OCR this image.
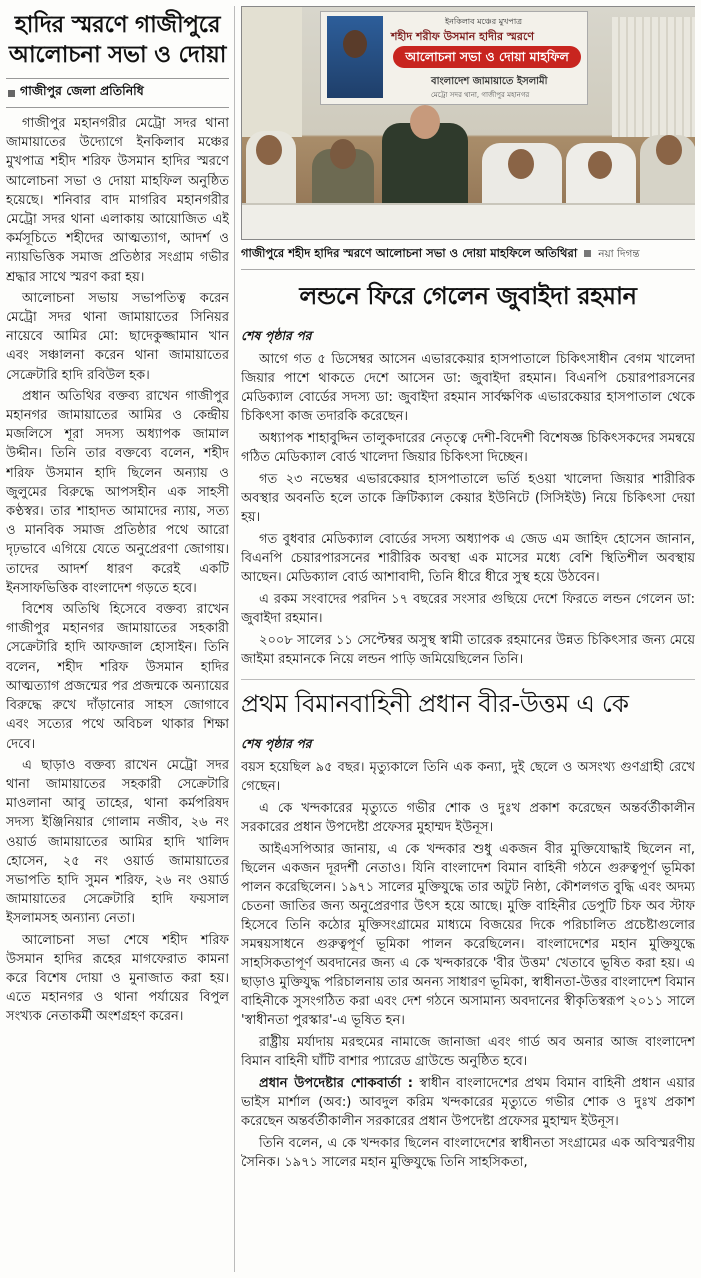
হাদির স্মরণে গাজীপুরে আলোচনা সভা ও দোয়া
গাজীপুর জেলা প্রতিনিধি

গাজীপুর মহানগরীর মেট্রো সদর থানা জামায়াতের উদ্যোগে ইনকিলাব মঞ্চের মুখপাত্র শহীদ শরিফ উসমান হাদির স্মরণে আলোচনা সভা ও দোয়া মাহফিল অনুষ্ঠিত হয়েছে। শনিবার বাদ মাগরিব মহানগরীর মেট্রো সদর থানা এলাকায় আয়োজিত এই কর্মসূচিতে শহীদের আত্মত্যাগ, আদর্শ ও ন্যায়ভিত্তিক সমাজ প্রতিষ্ঠার সংগ্রাম গভীর শ্রদ্ধার সাথে স্মরণ করা হয়।

আলোচনা সভায় সভাপতিত্ব করেন মেট্রো সদর থানা জামায়াতের সিনিয়র নায়েবে আমির মো: ছাদেকুজ্জামান খান এবং সঞ্চালনা করেন থানা জামায়াতের সেক্রেটারি হাদি রবিউল হক।

প্রধান অতিথির বক্তব্য রাখেন গাজীপুর মহানগর জামায়াতের আমির ও কেন্দ্রীয় মজলিসে শূরা সদস্য অধ্যাপক জামাল উদ্দীন। তিনি তার বক্তব্যে বলেন, শহীদ শরিফ উসমান হাদি ছিলেন অন্যায় ও জুলুমের বিরুদ্ধে আপসহীন এক সাহসী কণ্ঠস্বর। তার শাহাদত আমাদের ন্যায়, সত্য ও মানবিক সমাজ প্রতিষ্ঠার পথে আরো দৃঢ়ভাবে এগিয়ে যেতে অনুপ্রেরণা জোগায়। তাদের আদর্শ ধারণ করেই একটি ইনসাফভিত্তিক বাংলাদেশ গড়তে হবে।

বিশেষ অতিথি হিসেবে বক্তব্য রাখেন গাজীপুর মহানগর জামায়াতের সহকারী সেক্রেটারি হাদি আফজাল হোসাইন। তিনি বলেন, শহীদ শরিফ উসমান হাদির আত্মত্যাগ প্রজন্মের পর প্রজন্মকে অন্যায়ের বিরুদ্ধে রুখে দাঁড়ানোর সাহস জোগাবে এবং সত্যের পথে অবিচল থাকার শিক্ষা দেবে।

এ ছাড়াও বক্তব্য রাখেন মেট্রো সদর থানা জামায়াতের সহকারী সেক্রেটারি মাওলানা আবু তাহের, থানা কর্মপরিষদ সদস্য ইঞ্জিনিয়ার গোলাম নজীব, ২৬ নং ওয়ার্ড জামায়াতের আমির হাদি খালিদ হোসেন, ২৫ নং ওয়ার্ড জামায়াতের সভাপতি হাদি সুমন শরিফ, ২৬ নং ওয়ার্ড জামায়াতের সেক্রেটারি হাদি ফয়সাল ইসলামসহ অন্যান্য নেতা।

আলোচনা সভা শেষে শহীদ শরিফ উসমান হাদির রূহের মাগফেরাত কামনা করে বিশেষ দোয়া ও মুনাজাত করা হয়। এতে মহানগর ও থানা পর্যায়ের বিপুল সংখ্যক নেতাকর্মী অংশগ্রহণ করেন।

ইনকিলাব মঞ্চের মুখপাত্র
শহীদ শরীফ উসমান হাদীর স্মরণে
আলোচনা সভা ও দোয়া মাহফিল
বাংলাদেশ জামায়াতে ইসলামী
মেট্রো সদর থানা, গাজীপুর মহানগর
গাজীপুরে শহীদ হাদির স্মরণে আলোচনা সভা ও দোয়া মাহফিলে অতিথিরা নয়া দিগন্ত
লন্ডনে ফিরে গেলেন জুবাইদা রহমান
শেষ পৃষ্ঠার পর

আগে গত ৫ ডিসেম্বর আসেন এভারকেয়ার হাসপাতালে চিকিৎসাধীন বেগম খালেদা জিয়ার পাশে থাকতে দেশে আসেন ডা: জুবাইদা রহমান। বিএনপি চেয়ারপারসনের মেডিক্যাল বোর্ডের সদস্য ডা: জুবাইদা রহমান সার্বক্ষণিক এভারকেয়ার হাসপাতাল থেকে চিকিৎসা কাজ তদারকি করেছেন।

অধ্যাপক শাহাবুদ্দিন তালুকদারের নেতৃত্বে দেশী-বিদেশী বিশেষজ্ঞ চিকিৎসকদের সমন্বয়ে গঠিত মেডিক্যাল বোর্ড খালেদা জিয়ার চিকিৎসা দিচ্ছেন।

গত ২৩ নভেম্বর এভারকেয়ার হাসপাতালে ভর্তি হওয়া খালেদা জিয়ার শারীরিক অবস্থার অবনতি হলে তাকে ক্রিটিক্যাল কেয়ার ইউনিটে (সিসিইউ) নিয়ে চিকিৎসা দেয়া হয়।

গত বুধবার মেডিক্যাল বোর্ডের সদস্য অধ্যাপক এ জেড এম জাহিদ হোসেন জানান, বিএনপি চেয়ারপারসনের শারীরিক অবস্থা এক মাসের মধ্যে বেশি স্থিতিশীল অবস্থায় আছেন। মেডিক্যাল বোর্ড আশাবাদী, তিনি ধীরে ধীরে সুস্থ হয়ে উঠবেন।

এ রকম সংবাদের পরদিন ১৭ বছরের সংসার গুছিয়ে দেশে ফিরতে লন্ডন গেলেন ডা: জুবাইদা রহমান।

২০০৮ সালের ১১ সেপ্টেম্বর অসুস্থ স্বামী তারেক রহমানের উন্নত চিকিৎসার জন্য মেয়ে জাইমা রহমানকে নিয়ে লন্ডন পাড়ি জমিয়েছিলেন তিনি।

প্রথম বিমানবাহিনী প্রধান বীর-উত্তম এ কে
শেষ পৃষ্ঠার পর

বয়স হয়েছিল ৯৫ বছর। মৃত্যুকালে তিনি এক কন্যা, দুই ছেলে ও অসংখ্য গুণগ্রাহী রেখে গেছেন।

এ কে খন্দকারের মৃত্যুতে গভীর শোক ও দুঃখ প্রকাশ করেছেন অন্তর্বর্তীকালীন সরকারের প্রধান উপদেষ্টা প্রফেসর মুহাম্মদ ইউনূস।

আইএসপিআর জানায়, এ কে খন্দকার শুধু একজন বীর মুক্তিযোদ্ধাই ছিলেন না, ছিলেন একজন দূরদর্শী নেতাও। যিনি বাংলাদেশ বিমান বাহিনী গঠনে গুরুত্বপূর্ণ ভূমিকা পালন করেছিলেন। ১৯৭১ সালের মুক্তিযুদ্ধে তার অটুট নিষ্ঠা, কৌশলগত বুদ্ধি এবং অদম্য চেতনা জাতির জন্য অনুপ্রেরণার উৎস হয়ে আছে। মুক্তি বাহিনীর ডেপুটি চিফ অব স্টাফ হিসেবে তিনি কঠোর মুক্তিসংগ্রামের মাধ্যমে বিজয়ের দিকে পরিচালিত প্রচেষ্টাগুলোর সমন্বয়সাধনে গুরুত্বপূর্ণ ভূমিকা পালন করেছিলেন। বাংলাদেশের মহান মুক্তিযুদ্ধে সাহসিকতাপূর্ণ অবদানের জন্য এ কে খন্দকারকে 'বীর উত্তম' খেতাবে ভূষিত করা হয়। এ ছাড়াও মুক্তিযুদ্ধ পরিচালনায় তার অনন্য সাধারণ ভূমিকা, স্বাধীনতা-উত্তর বাংলাদেশ বিমান বাহিনীকে সুসংগঠিত করা এবং দেশ গঠনে অসামান্য অবদানের স্বীকৃতিস্বরূপ ২০১১ সালে 'স্বাধীনতা পুরস্কার'-এ ভূষিত হন।

রাষ্ট্রীয় মর্যাদায় মরহুমের নামাজে জানাজা এবং গার্ড অব অনার আজ বাংলাদেশ বিমান বাহিনী ঘাঁটি বাশার প্যারেড গ্রাউন্ডে অনুষ্ঠিত হবে।

প্রধান উপদেষ্টার শোকবার্তা : স্বাধীন বাংলাদেশের প্রথম বিমান বাহিনী প্রধান এয়ার ভাইস মার্শাল (অব:) আবদুল করিম খন্দকারের মৃত্যুতে গভীর শোক ও দুঃখ প্রকাশ করেছেন অন্তর্বর্তীকালীন সরকারের প্রধান উপদেষ্টা প্রফেসর মুহাম্মদ ইউনূস।

তিনি বলেন, এ কে খন্দকার ছিলেন বাংলাদেশের স্বাধীনতা সংগ্রামের এক অবিস্মরণীয় সৈনিক। ১৯৭১ সালের মহান মুক্তিযুদ্ধে তিনি সাহসিকতা,
